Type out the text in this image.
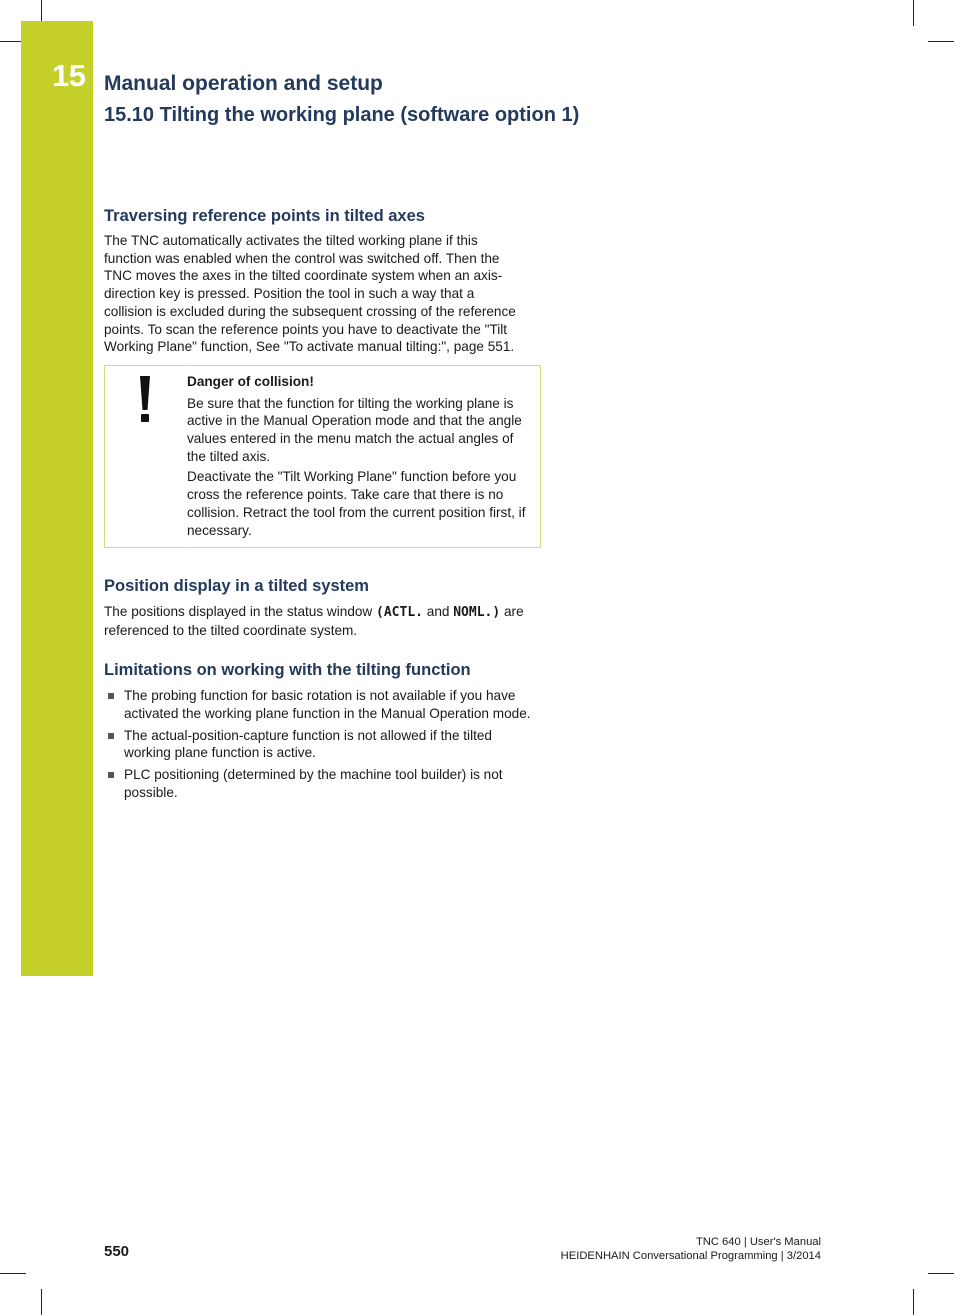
15 Manual operation and setup
15.10 Tilting the working plane (software option 1)
Traversing reference points in tilted axes

The TNC automatically activates the tilted working plane if this function was enabled when the control was switched off. Then the TNC moves the axes in the tilted coordinate system when an axis-direction key is pressed. Position the tool in such a way that a collision is excluded during the subsequent crossing of the reference points. To scan the reference points you have to deactivate the "Tilt Working Plane" function, See "To activate manual tilting:", page 551.

Danger of collision!

Be sure that the function for tilting the working plane is active in the Manual Operation mode and that the angle values entered in the menu match the actual angles of the tilted axis.

Deactivate the "Tilt Working Plane" function before you cross the reference points. Take care that there is no collision. Retract the tool from the current position first, if necessary.

Position display in a tilted system

The positions displayed in the status window (ACTL. and NOML.) are referenced to the tilted coordinate system.

Limitations on working with the tilting function
The probing function for basic rotation is not available if you have activated the working plane function in the Manual Operation mode.
The actual-position-capture function is not allowed if the tilted working plane function is active.
PLC positioning (determined by the machine tool builder) is not possible.
550
TNC 640 | User's Manual
HEIDENHAIN Conversational Programming | 3/2014
